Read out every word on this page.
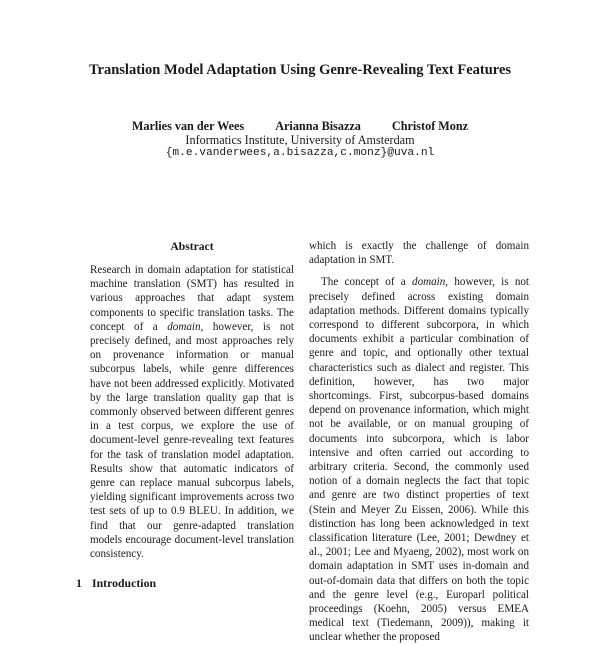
Translation Model Adaptation Using Genre-Revealing Text Features
Marlies van der Wees	Arianna Bisazza	Christof Monz
Informatics Institute, University of Amsterdam
{m.e.vanderwees,a.bisazza,c.monz}@uva.nl
Abstract

Research in domain adaptation for statistical machine translation (SMT) has resulted in various approaches that adapt system components to specific translation tasks. The concept of a domain, however, is not precisely defined, and most approaches rely on provenance information or manual subcorpus labels, while genre differences have not been addressed explicitly. Motivated by the large translation quality gap that is commonly observed between different genres in a test corpus, we explore the use of document-level genre-revealing text features for the task of translation model adaptation. Results show that automatic indicators of genre can replace manual subcorpus labels, yielding significant improvements across two test sets of up to 0.9 BLEU. In addition, we find that our genre-adapted translation models encourage document-level translation consistency.

1 Introduction

which is exactly the challenge of domain adaptation in SMT.

The concept of a domain, however, is not precisely defined across existing domain adaptation methods. Different domains typically correspond to different subcorpora, in which documents exhibit a particular combination of genre and topic, and optionally other textual characteristics such as dialect and register. This definition, however, has two major shortcomings. First, subcorpus-based domains depend on provenance information, which might not be available, or on manual grouping of documents into subcorpora, which is labor intensive and often carried out according to arbitrary criteria. Second, the commonly used notion of a domain neglects the fact that topic and genre are two distinct properties of text (Stein and Meyer Zu Eissen, 2006). While this distinction has long been acknowledged in text classification literature (Lee, 2001; Dewdney et al., 2001; Lee and Myaeng, 2002), most work on domain adaptation in SMT uses in-domain and out-of-domain data that differs on both the topic and the genre level (e.g., Europarl political proceedings (Koehn, 2005) versus EMEA medical text (Tiedemann, 2009)), making it unclear whether the proposed
